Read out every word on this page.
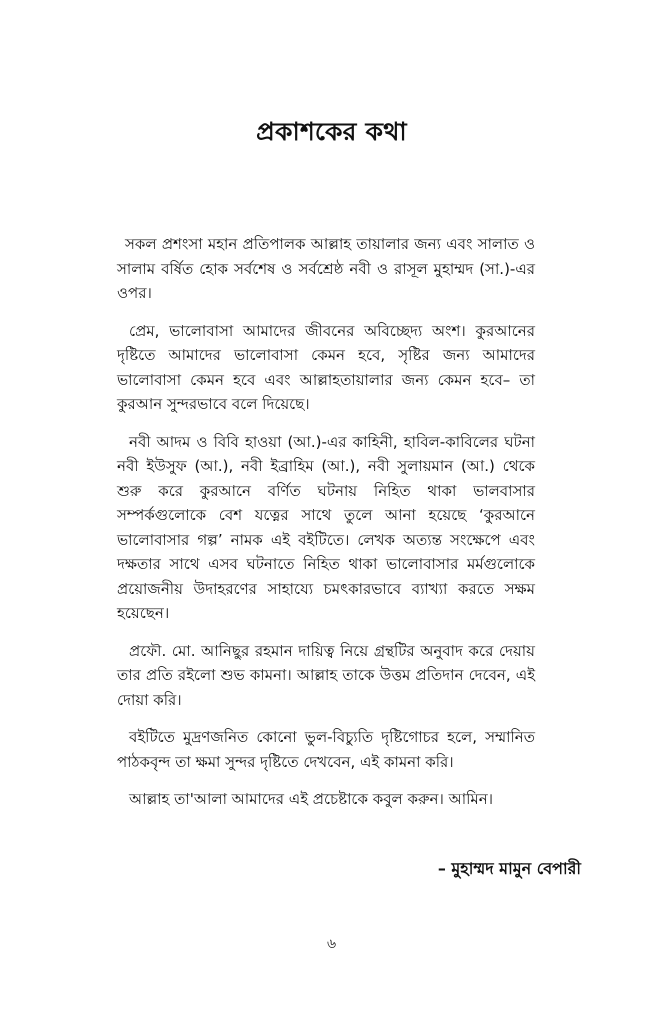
প্রকাশকের কথা

সকল প্রশংসা মহান প্রতিপালক আল্লাহ তায়ালার জন্য এবং সালাত ও সালাম বর্ষিত হোক সর্বশেষ ও সর্বশ্রেষ্ঠ নবী ও রাসূল মুহাম্মদ (সা.)-এর ওপর।

প্রেম, ভালোবাসা আমাদের জীবনের অবিচ্ছেদ্য অংশ। কুরআনের দৃষ্টিতে আমাদের ভালোবাসা কেমন হবে, সৃষ্টির জন্য আমাদের ভালোবাসা কেমন হবে এবং আল্লাহতায়ালার জন্য কেমন হবে– তা কুরআন সুন্দরভাবে বলে দিয়েছে।

নবী আদম ও বিবি হাওয়া (আ.)-এর কাহিনী, হাবিল-কাবিলের ঘটনা নবী ইউসুফ (আ.), নবী ইব্রাহিম (আ.), নবী সুলায়মান (আ.) থেকে শুরু করে কুরআনে বর্ণিত ঘটনায় নিহিত থাকা ভালবাসার সম্পর্কগুলোকে বেশ যত্নের সাথে তুলে আনা হয়েছে ‘কুরআনে ভালোবাসার গল্প’ নামক এই বইটিতে। লেখক অত্যন্ত সংক্ষেপে এবং দক্ষতার সাথে এসব ঘটনাতে নিহিত থাকা ভালোবাসার মর্মগুলোকে প্রয়োজনীয় উদাহরণের সাহায্যে চমৎকারভাবে ব্যাখ্যা করতে সক্ষম হয়েছেন।

প্রফৌ. মো. আনিছুর রহমান দায়িত্ব নিয়ে গ্রন্থটির অনুবাদ করে দেয়ায় তার প্রতি রইলো শুভ কামনা। আল্লাহ তাকে উত্তম প্রতিদান দেবেন, এই দোয়া করি।

বইটিতে মুদ্রণজনিত কোনো ভুল-বিচ্যুতি দৃষ্টিগোচর হলে, সম্মানিত পাঠকবৃন্দ তা ক্ষমা সুন্দর দৃষ্টিতে দেখবেন, এই কামনা করি।

আল্লাহ তা'আলা আমাদের এই প্রচেষ্টাকে কবুল করুন। আমিন।

– মুহাম্মদ মামুন বেপারী
৬
